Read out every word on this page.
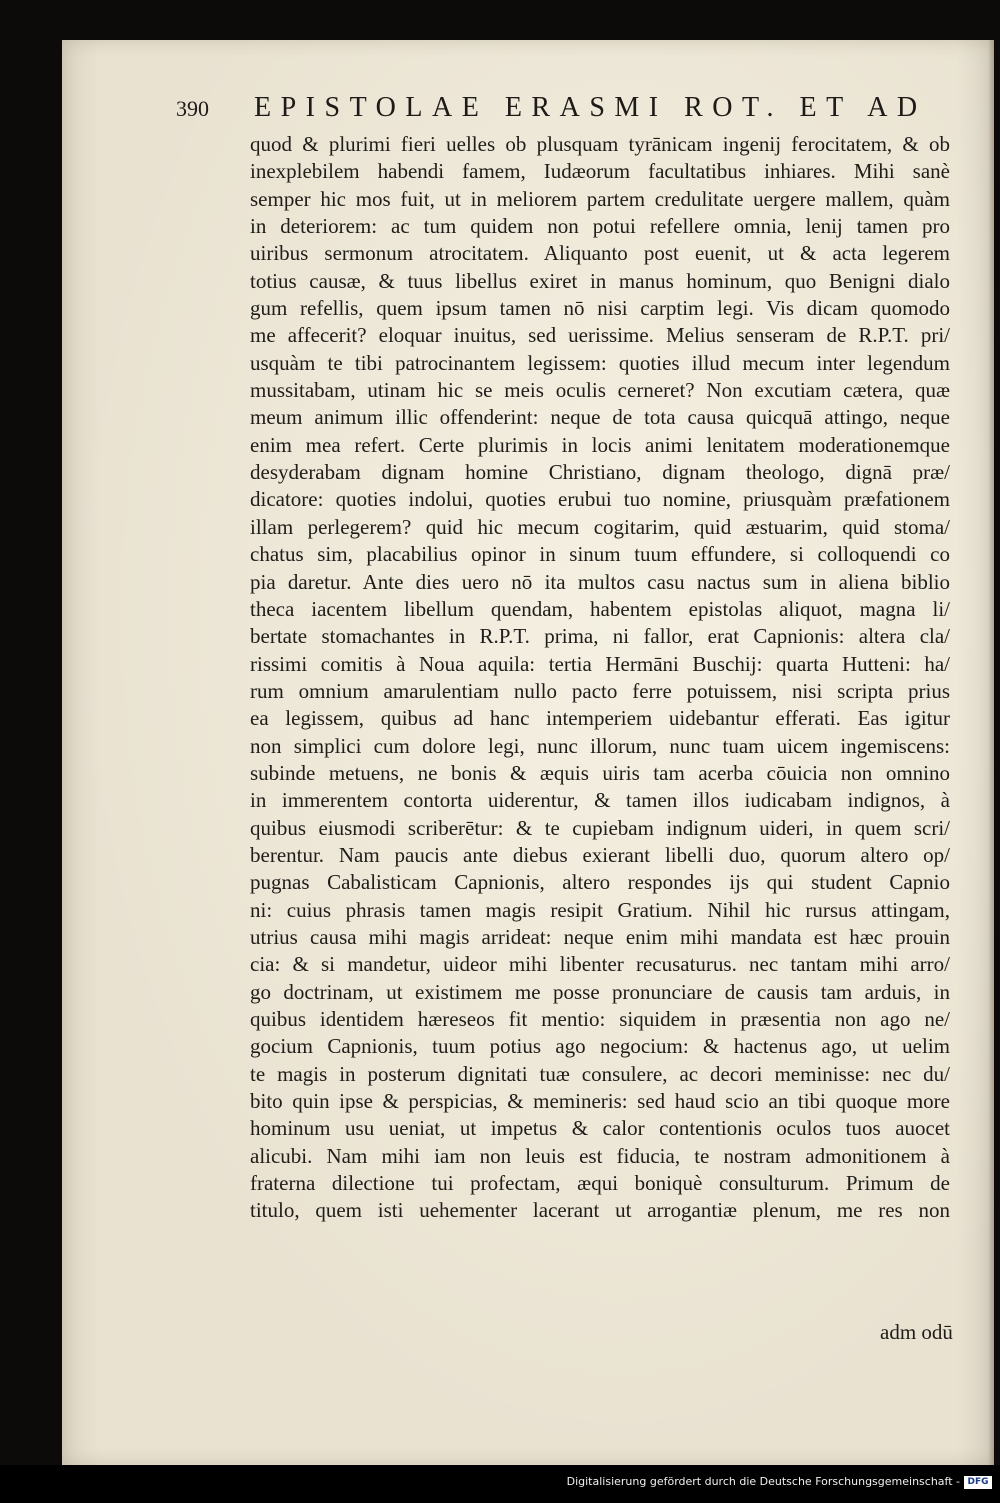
390 EPISTOLAE ERASMI ROT. ET AD
quod & plurimi fieri uelles ob plusquam tyrānicam ingenij ferocitatem, & ob
inexplebilem habendi famem, Iudæorum facultatibus inhiares. Mihi sanè
semper hic mos fuit, ut in meliorem partem credulitate uergere mallem, quàm
in deteriorem: ac tum quidem non potui refellere omnia, lenij tamen pro
uiribus sermonum atrocitatem. Aliquanto post euenit, ut & acta legerem
totius causæ, & tuus libellus exiret in manus hominum, quo Benigni dialo
gum refellis, quem ipsum tamen nō nisi carptim legi. Vis dicam quomodo
me affecerit? eloquar inuitus, sed uerissime. Melius senseram de R.P.T. pri/
usquàm te tibi patrocinantem legissem: quoties illud mecum inter legendum
mussitabam, utinam hic se meis oculis cerneret? Non excutiam cætera, quæ
meum animum illic offenderint: neque de tota causa quicquā attingo, neque
enim mea refert. Certe plurimis in locis animi lenitatem moderationemque
desyderabam dignam homine Christiano, dignam theologo, dignā præ/
dicatore: quoties indolui, quoties erubui tuo nomine, priusquàm præfationem
illam perlegerem? quid hic mecum cogitarim, quid æstuarim, quid stoma/
chatus sim, placabilius opinor in sinum tuum effundere, si colloquendi co
pia daretur. Ante dies uero nō ita multos casu nactus sum in aliena biblio
theca iacentem libellum quendam, habentem epistolas aliquot, magna li/
bertate stomachantes in R.P.T. prima, ni fallor, erat Capnionis: altera cla/
rissimi comitis à Noua aquila: tertia Hermāni Buschij: quarta Hutteni: ha/
rum omnium amarulentiam nullo pacto ferre potuissem, nisi scripta prius
ea legissem, quibus ad hanc intemperiem uidebantur efferati. Eas igitur
non simplici cum dolore legi, nunc illorum, nunc tuam uicem ingemiscens:
subinde metuens, ne bonis & æquis uiris tam acerba cōuicia non omnino
in immerentem contorta uiderentur, & tamen illos iudicabam indignos, à
quibus eiusmodi scriberētur: & te cupiebam indignum uideri, in quem scri/
berentur. Nam paucis ante diebus exierant libelli duo, quorum altero op/
pugnas Cabalisticam Capnionis, altero respondes ijs qui student Capnio
ni: cuius phrasis tamen magis resipit Gratium. Nihil hic rursus attingam,
utrius causa mihi magis arrideat: neque enim mihi mandata est hæc prouin
cia: & si mandetur, uideor mihi libenter recusaturus. nec tantam mihi arro/
go doctrinam, ut existimem me posse pronunciare de causis tam arduis, in
quibus identidem hæreseos fit mentio: siquidem in præsentia non ago ne/
gocium Capnionis, tuum potius ago negocium: & hactenus ago, ut uelim
te magis in posterum dignitati tuæ consulere, ac decori meminisse: nec du/
bito quin ipse & perspicias, & memineris: sed haud scio an tibi quoque more
hominum usu ueniat, ut impetus & calor contentionis oculos tuos auocet
alicubi. Nam mihi iam non leuis est fiducia, te nostram admonitionem à
fraterna dilectione tui profectam, æqui boniquè consulturum. Primum de
titulo, quem isti uehementer lacerant ut arrogantiæ plenum, me res non
adm odū
Digitalisierung gefördert durch die Deutsche Forschungsgemeinschaft - DFG
